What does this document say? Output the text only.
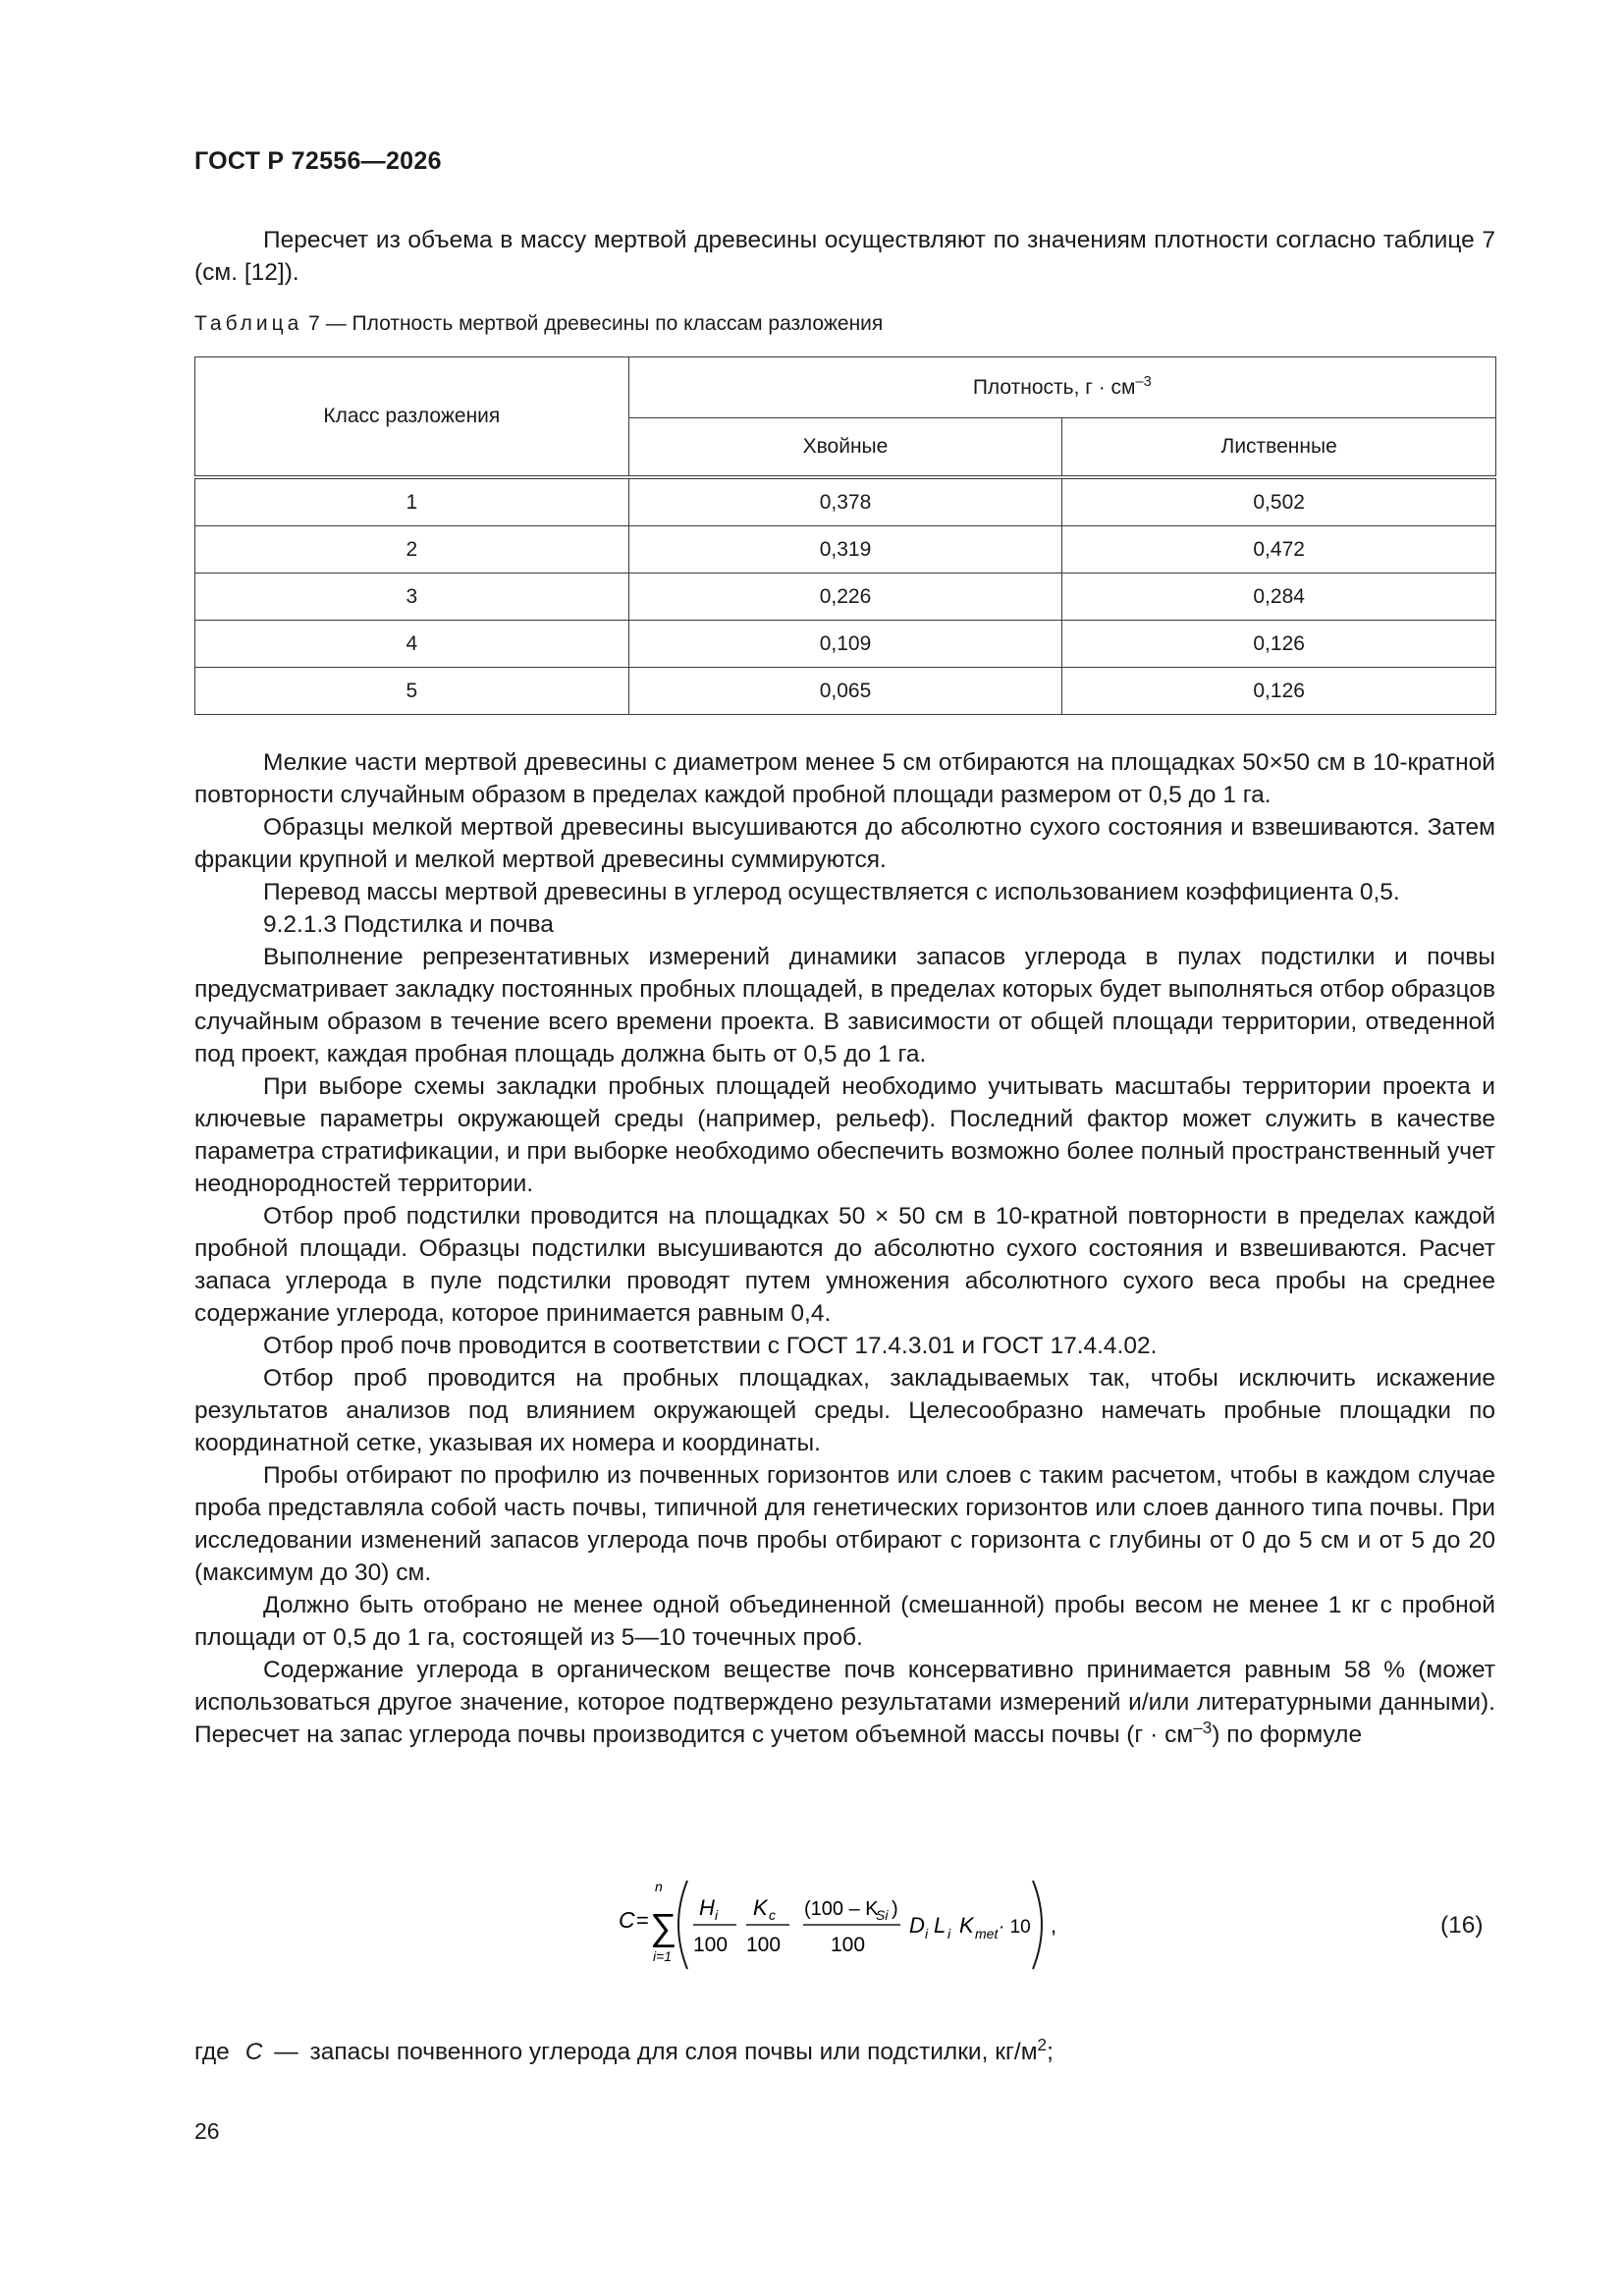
ГОСТ Р 72556—2026

Пересчет из объема в массу мертвой древесины осуществляют по значениям плотности согласно таблице 7 (см. [12]).

Таблица 7 — Плотность мертвой древесины по классам разложения
Класс разложения	Плотность, $г \cdot см^{-3}$
	Хвойные	Лиственные
1	0,378	0,502
2	0,319	0,472
3	0,226	0,284
4	0,109	0,126
5	0,065	0,126

Мелкие части мертвой древесины с диаметром менее 5 см отбираются на площадках 50×50 см в 10-кратной повторности случайным образом в пределах каждой пробной площади размером от 0,5 до 1 га.

Образцы мелкой мертвой древесины высушиваются до абсолютно сухого состояния и взвешиваются. Затем фракции крупной и мелкой мертвой древесины суммируются.

Перевод массы мертвой древесины в углерод осуществляется с использованием коэффициента 0,5.

9.2.1.3 Подстилка и почва

Выполнение репрезентативных измерений динамики запасов углерода в пулах подстилки и почвы предусматривает закладку постоянных пробных площадей, в пределах которых будет выполняться отбор образцов случайным образом в течение всего времени проекта. В зависимости от общей площади территории, отведенной под проект, каждая пробная площадь должна быть от 0,5 до 1 га.

При выборе схемы закладки пробных площадей необходимо учитывать масштабы территории проекта и ключевые параметры окружающей среды (например, рельеф). Последний фактор может служить в качестве параметра стратификации, и при выборке необходимо обеспечить возможно более полный пространственный учет неоднородностей территории.

Отбор проб подстилки проводится на площадках 50 × 50 см в 10-кратной повторности в пределах каждой пробной площади. Образцы подстилки высушиваются до абсолютно сухого состояния и взвешиваются. Расчет запаса углерода в пуле подстилки проводят путем умножения абсолютного сухого веса пробы на среднее содержание углерода, которое принимается равным 0,4.

Отбор проб почв проводится в соответствии с ГОСТ 17.4.3.01 и ГОСТ 17.4.4.02.

Отбор проб проводится на пробных площадках, закладываемых так, чтобы исключить искажение результатов анализов под влиянием окружающей среды. Целесообразно намечать пробные площадки по координатной сетке, указывая их номера и координаты.

Пробы отбирают по профилю из почвенных горизонтов или слоев с таким расчетом, чтобы в каждом случае проба представляла собой часть почвы, типичной для генетических горизонтов или слоев данного типа почвы. При исследовании изменений запасов углерода почв пробы отбирают с горизонта с глубины от 0 до 5 см и от 5 до 20 (максимум до 30) см.

Должно быть отобрано не менее одной объединенной (смешанной) пробы весом не менее 1 кг с пробной площади от 0,5 до 1 га, состоящей из 5—10 точечных проб.

Содержание углерода в органическом веществе почв консервативно принимается равным 58 % (может использоваться другое значение, которое подтверждено результатами измерений и/или литературными данными). Пересчет на запас углерода почвы производится с учетом объемной массы почвы $(г \cdot см^{-3})$ по формуле

C =
n
∑
i=1
H i
100
K c
100
(100 – K
Si )
100
D i L i K met · 10 ,	(16)
где C — запасы почвенного углерода для слоя почвы или подстилки, $кг/м^2$;
26
